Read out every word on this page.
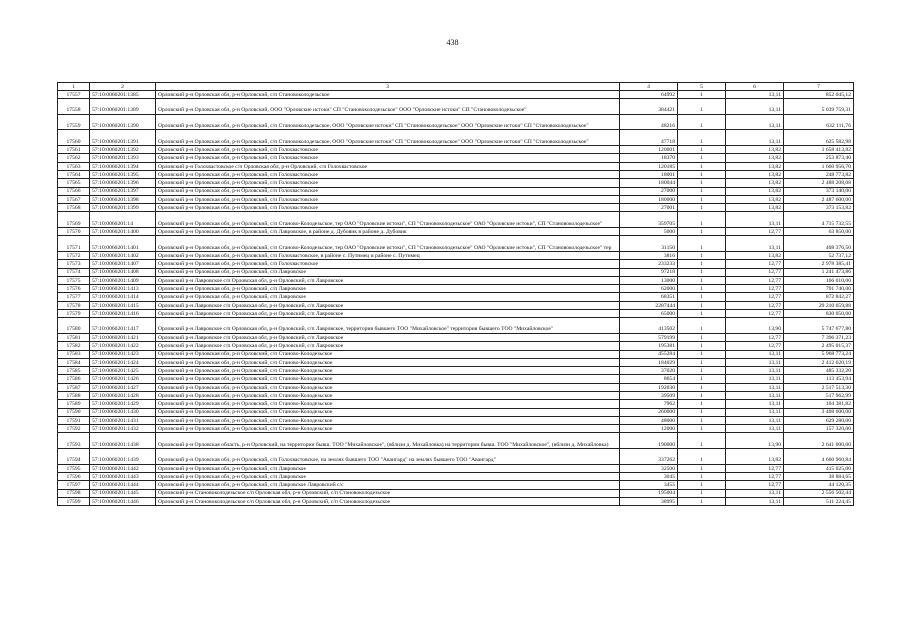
438
1	2	3	4	5	6	7
17557	57:10:0060201:1385	Орловский р-н Орловская обл, р-н Орловский, с/п Становоколодезьское	64992	1	13,11	852 045,12
17558	57:10:0060201:1389	Орловский р-н Орловская обл, р-н Орловский, ООО "Орловские истоки" СП "Становоколодезьское" ООО "Орловские истоки" СП "Становоколодезьское"	384421	1	13,11	5 039 759,31
17559	57:10:0060201:1390	Орловский р-н Орловская обл, р-н Орловский, с/п Становоколодезьское, ООО "Орловские истоки" СП "Становоколодезьское" ООО "Орловские истоки" СП "Становоколодезьское"	48216	1	13,11	632 111,76
17560	57:10:0060201:1391	Орловский р-н Орловская обл, р-н Орловский, с/п Становоколодезьское, ООО "Орловские истоки" СП "Становоколодезьское" ООО "Орловские истоки" СП "Становоколодезьское"	47718	1	13,11	625 582,98
17561	57:10:0060201:1392	Орловский р-н Орловская обл, р-н Орловский, с/п Голохвастовское	120001	1	13,82	1 658 413,82
17562	57:10:0060201:1393	Орловский р-н Орловская обл, р-н Орловский, с/п Голохвастовское	18370	1	13,82	253 873,40
17563	57:10:0060201:1394	Орловский р-н Голохвастовское с/п Орловская обл, р-н Орловский, с/п Голохвастовское	120185	1	13,82	1 660 956,70
17564	57:10:0060201:1395	Орловский р-н Орловская обл, р-н Орловский, с/п Голохвастовское	18001	1	13,82	248 773,82
17565	57:10:0060201:1396	Орловский р-н Орловская обл, р-н Орловский, с/п Голохвастовское	180044	1	13,82	2 488 208,08
17566	57:10:0060201:1397	Орловский р-н Орловская обл, р-н Орловский, с/п Голохвастовское	27000	1	13,82	373 140,00
17567	57:10:0060201:1398	Орловский р-н Орловская обл, р-н Орловский, с/п Голохвастовское	180000	1	13,82	2 487 600,00
17568	57:10:0060201:1399	Орловский р-н Орловская обл, р-н Орловский, с/п Голохвастовское	27001	1	13,82	373 153,82
17569	57:10:0060201:14	Орловский р-н Орловская обл, р-н Орловский, с/п Станово-Колодезьское, тер ОАО "Орловские истоки", СП "Становоколодезьское" ОАО "Орловские истоки", СП "Становоколодезьское"	359705	1	13,11	4 715 732,55
17570	57:10:0060201:1400	Орловский р-н Орловская обл, р-н Орловский, с/п Лавровское, в районе д. Дубовик в районе д. Дубовик	5000	1	12,77	63 850,00
17571	57:10:0060201:1401	Орловский р-н Орловская обл, р-н Орловский, с/п Станово-Колодезьское, тер ОАО "Орловские истоки", СП "Становоколодезьское" ОАО "Орловские истоки", СП "Становоколодезьское" тер	31150	1	13,11	408 376,50
17572	57:10:0060201:1402	Орловский р-н Орловская обл, р-н Орловский, с/п Голохвастовское, в районе с. Путимец и районе с. Путимец	3816	1	13,82	52 737,12
17573	57:10:0060201:1407	Орловский р-н Орловская обл, р-н Орловский, с/п Голохвастовское	233233	1	12,77	2 978 385,41
17574	57:10:0060201:1408	Орловский р-н Орловская обл, р-н Орловский, с/п Лавровское	97218	1	12,77	1 241 473,86
17575	57:10:0060201:1409	Орловский р-н Лавровское с/п Орловская обл, р-н Орловский, с/п Лавровское	13000	1	12,77	166 010,00
17576	57:10:0060201:1413	Орловский р-н Орловская обл, р-н Орловский, с/п Лавровское	62000	1	12,77	791 740,00
17577	57:10:0060201:1414	Орловский р-н Орловская обл, р-н Орловский, с/п Лавровское	68351	1	12,77	872 842,27
17578	57:10:0060201:1415	Орловский р-н Лавровское с/п Орловская обл, р-н Орловский, с/п Лавровское	2287444	1	12,77	29 210 659,88
17579	57:10:0060201:1416	Орловский р-н Лавровское с/п Орловская обл, р-н Орловский, с/п Лавровское	65000	1	12,77	830 050,00
17580	57:10:0060201:1417	Орловский р-н Лавровское с/п Орловская обл, р-н Орловский, с/п Лавровское, территория бывшего ТОО "Михайловское" территория бывшего ТОО "Михайловское"	413502	1	13,90	5 747 677,80
17581	57:10:0060201:1421	Орловский р-н Лавровское с/п Орловская обл, р-н Орловский, с/п Лавровское	579199	1	12,77	7 396 371,23
17582	57:10:0060201:1422	Орловский р-н Лавровское с/п Орловская обл, р-н Орловский, с/п Лавровское	195381	1	12,77	2 495 015,37
17583	57:10:0060201:1423	Орловский р-н Орловская обл, р-н Орловский, с/п Станово-Колодезьское	455284	1	13,11	5 968 773,24
17584	57:10:0060201:1424	Орловский р-н Орловская обл, р-н Орловский, с/п Станово-Колодезьское	184029	1	13,11	2 412 620,19
17585	57:10:0060201:1425	Орловский р-н Орловская обл, р-н Орловский, с/п Станово-Колодезьское	37020	1	13,11	485 332,20
17586	57:10:0060201:1426	Орловский р-н Орловская обл, р-н Орловский, с/п Станово-Колодезьское	8654	1	13,11	113 453,94
17587	57:10:0060201:1427	Орловский р-н Орловская обл, р-н Орловский, с/п Станово-Колодезьское	192030	1	13,11	2 517 513,30
17588	57:10:0060201:1428	Орловский р-н Орловская обл, р-н Орловский, с/п Станово-Колодезьское	39509	1	13,11	517 962,99
17589	57:10:0060201:1429	Орловский р-н Орловская обл, р-н Орловский, с/п Станово-Колодезьское	7962	1	13,11	104 381,82
17590	57:10:0060201:1430	Орловский р-н Орловская обл, р-н Орловский, с/п Станово-Колодезьское	260000	1	13,11	3 408 600,00
17591	57:10:0060201:1431	Орловский р-н Орловская обл, р-н Орловский, с/п Станово-Колодезьское	48000	1	13,11	629 280,00
17592	57:10:0060201:1432	Орловский р-н Орловская обл, р-н Орловский, с/п Станово-Колодезьское	12000	1	13,11	157 320,00
17593	57:10:0060201:1438	Орловский р-н Орловская область, р-н Орловский, на территории бывш. ТОО "Михайловское", (вблизи д. Михайловка) на территории бывш. ТОО "Михайловское", (вблизи д. Михайловка)	190000	1	13,90	2 641 000,00
17594	57:10:0060201:1439	Орловский р-н Орловская обл, р-н Орловский, с/п Голохвастовское, на землях бывшего ТОО "Авангард" на землях бывшего ТОО "Авангард"	337262	1	13,82	4 660 960,84
17595	57:10:0060201:1442	Орловский р-н Орловская обл, р-н Орловский, с/п Лавровское	32500	1	12,77	415 025,00
17596	57:10:0060201:1443	Орловский р-н Орловская обл, р-н Орловский, с/п Лавровское	3045	1	12,77	38 884,65
17597	57:10:0060201:1444	Орловский р-н Орловская обл, р-н Орловский, с/п Лавровское Лавровский с/с	3455	1	12,77	44 120,35
17598	57:10:0060201:1445	Орловский р-н Становоколодезьское с/п Орловская обл, р-н Орловский, с/п Становоколодезьское	195004	1	13,11	2 556 502,44
17599	57:10:0060201:1446	Орловский р-н Становоколодезьское с/п Орловская обл, р-н Орловский, с/п Становоколодезьское	38995	1	13,11	511 224,45
